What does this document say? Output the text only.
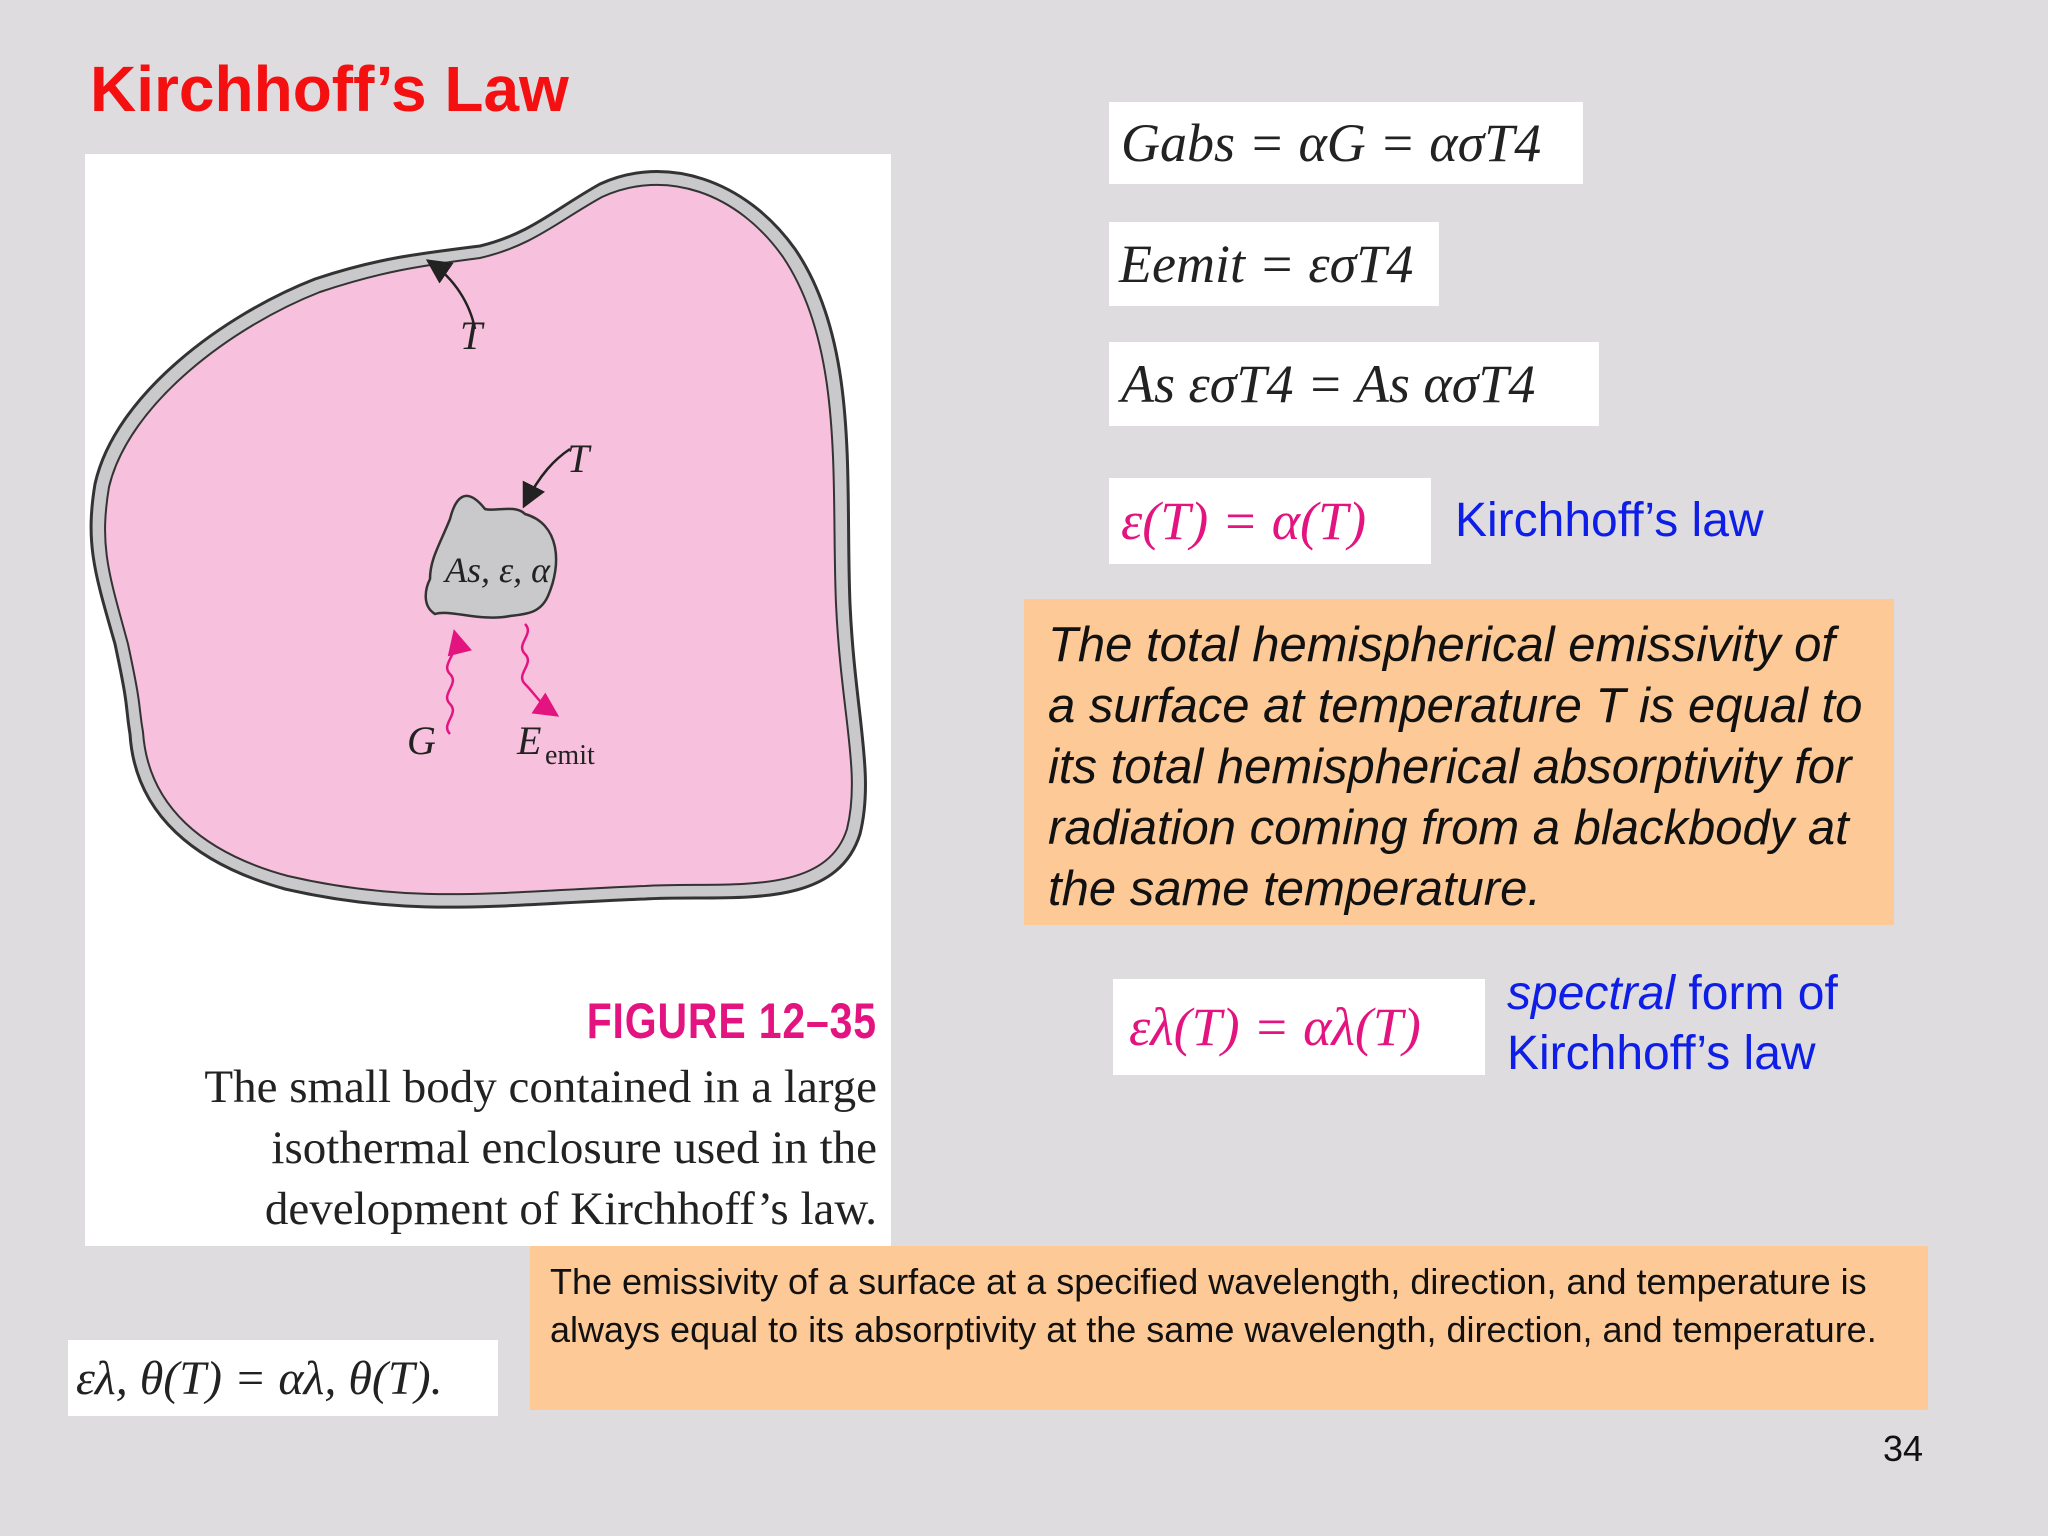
Kirchhoff’s Law
T
T
As, ε, α
G E emit
FIGURE 12–35
The small body contained in a large isothermal enclosure used in the development of Kirchhoff’s law.
Gabs = αG = ασT4
Eemit = εσT4
As εσT4 = As ασT4
ε(T) = α(T) Kirchhoff’s law
The total hemispherical emissivity of a surface at temperature T is equal to its total hemispherical absorptivity for radiation coming from a blackbody at the same temperature.
ελ(T) = αλ(T)
spectral form of
Kirchhoff’s law
ελ, θ(T) = αλ, θ(T).
The emissivity of a surface at a specified wavelength, direction, and temperature is always equal to its absorptivity at the same wavelength, direction, and temperature.
34
